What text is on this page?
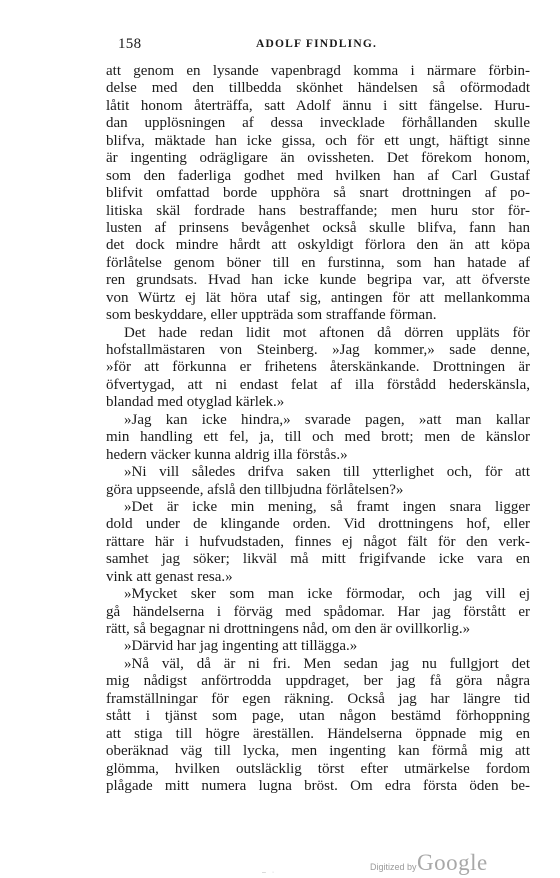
158	ADOLF FINDLING.
att genom en lysande vapenbragd komma i närmare förbin-
delse med den tillbedda skönhet händelsen så oförmodadt
låtit honom återträffa, satt Adolf ännu i sitt fängelse. Huru-
dan upplösningen af dessa invecklade förhållanden skulle
blifva, mäktade han icke gissa, och för ett ungt, häftigt sinne
är ingenting odrägligare än ovissheten. Det förekom honom,
som den faderliga godhet med hvilken han af Carl Gustaf
blifvit omfattad borde upphöra så snart drottningen af po-
litiska skäl fordrade hans bestraffande; men huru stor för-
lusten af prinsens bevågenhet också skulle blifva, fann han
det dock mindre hårdt att oskyldigt förlora den än att köpa
förlåtelse genom böner till en furstinna, som han hatade af
ren grundsats. Hvad han icke kunde begripa var, att öfverste
von Würtz ej lät höra utaf sig, antingen för att mellankomma
som beskyddare, eller uppträda som straffande förman.
Det hade redan lidit mot aftonen då dörren uppläts för
hofstallmästaren von Steinberg. »Jag kommer,» sade denne,
»för att förkunna er frihetens återskänkande. Drottningen är
öfvertygad, att ni endast felat af illa förstådd hederskänsla,
blandad med otyglad kärlek.»
»Jag kan icke hindra,» svarade pagen, »att man kallar
min handling ett fel, ja, till och med brott; men de känslor
hedern väcker kunna aldrig illa förstås.»
»Ni vill således drifva saken till ytterlighet och, för att
göra uppseende, afslå den tillbjudna förlåtelsen?»
»Det är icke min mening, så framt ingen snara ligger
dold under de klingande orden. Vid drottningens hof, eller
rättare här i hufvudstaden, finnes ej något fält för den verk-
samhet jag söker; likväl må mitt frigifvande icke vara en
vink att genast resa.»
»Mycket sker som man icke förmodar, och jag vill ej
gå händelserna i förväg med spådomar. Har jag förstått er
rätt, så begagnar ni drottningens nåd, om den är ovillkorlig.»
»Därvid har jag ingenting att tillägga.»
»Nå väl, då är ni fri. Men sedan jag nu fullgjort det
mig nådigst anförtrodda uppdraget, ber jag få göra några
framställningar för egen räkning. Också jag har längre tid
stått i tjänst som page, utan någon bestämd förhoppning
att stiga till högre äreställen. Händelserna öppnade mig en
oberäknad väg till lycka, men ingenting kan förmå mig att
glömma, hvilken outsläcklig törst efter utmärkelse fordom
plågade mitt numera lugna bröst. Om edra första öden be-
Digitized by Google
– ·
